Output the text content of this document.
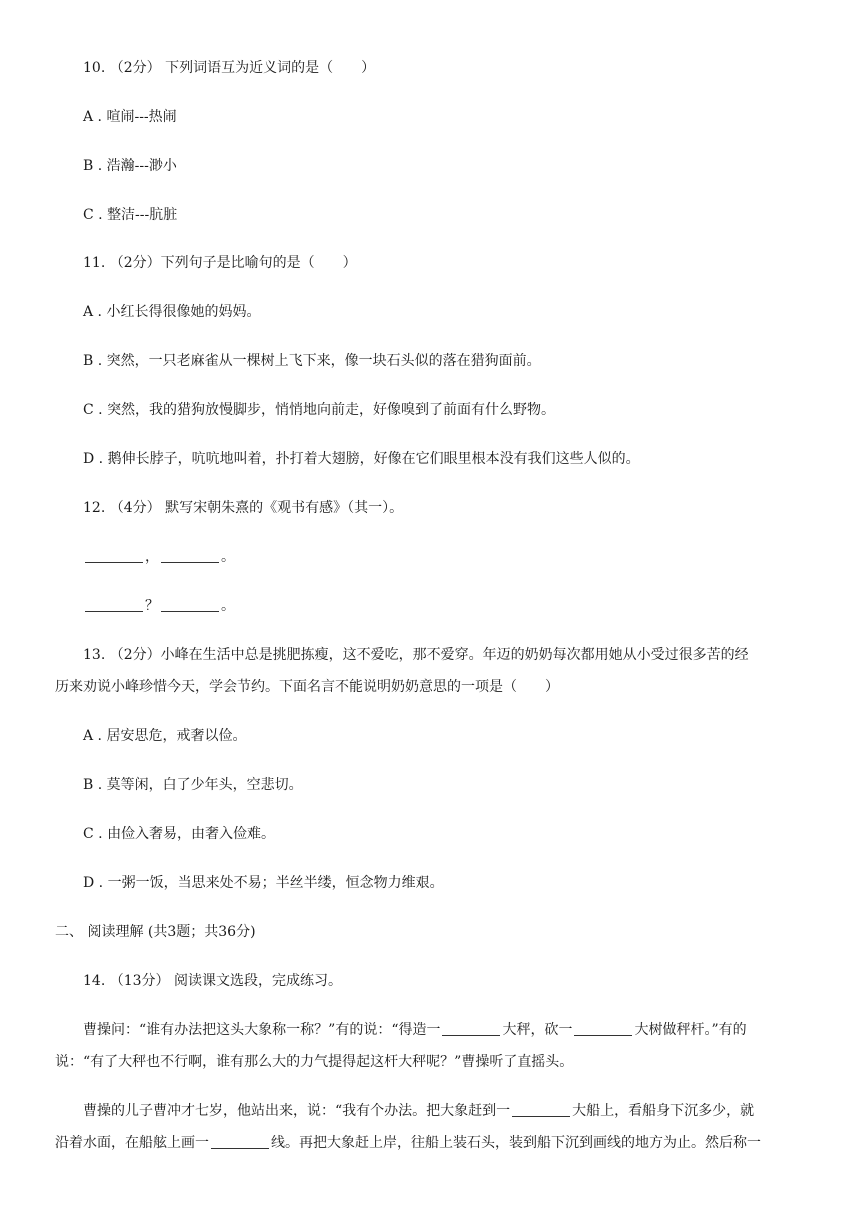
10. （2分） 下列词语互为近义词的是（　　）
A . 喧闹---热闹
B . 浩瀚---渺小
C . 整洁---肮脏
11. （2分）下列句子是比喻句的是（　　）
A . 小红长得很像她的妈妈。
B . 突然，一只老麻雀从一棵树上飞下来，像一块石头似的落在猎狗面前。
C . 突然，我的猎狗放慢脚步，悄悄地向前走，好像嗅到了前面有什么野物。
D . 鹅伸长脖子，吭吭地叫着，扑打着大翅膀，好像在它们眼里根本没有我们这些人似的。
12. （4分） 默写宋朝朱熹的《观书有感》（其一）。
，	。
？	。
13. （2分）小峰在生活中总是挑肥拣瘦，这不爱吃，那不爱穿。年迈的奶奶每次都用她从小受过很多苦的经
历来劝说小峰珍惜今天，学会节约。下面名言不能说明奶奶意思的一项是（　　）
A . 居安思危，戒奢以俭。
B . 莫等闲，白了少年头，空悲切。
C . 由俭入奢易，由奢入俭难。
D . 一粥一饭，当思来处不易；半丝半缕，恒念物力维艰。
二、 阅读理解 (共3题；共36分)
14. （13分） 阅读课文选段，完成练习。
曹操问：“谁有办法把这头大象称一称？”有的说：“得造一	大秤，砍一	大树做秤杆。”有的
说：“有了大秤也不行啊，谁有那么大的力气提得起这杆大秤呢？”曹操听了直摇头。
曹操的儿子曹冲才七岁，他站出来，说：“我有个办法。把大象赶到一	大船上，看船身下沉多少，就
沿着水面，在船舷上画一	线。再把大象赶上岸，往船上装石头，装到船下沉到画线的地方为止。然后称一
